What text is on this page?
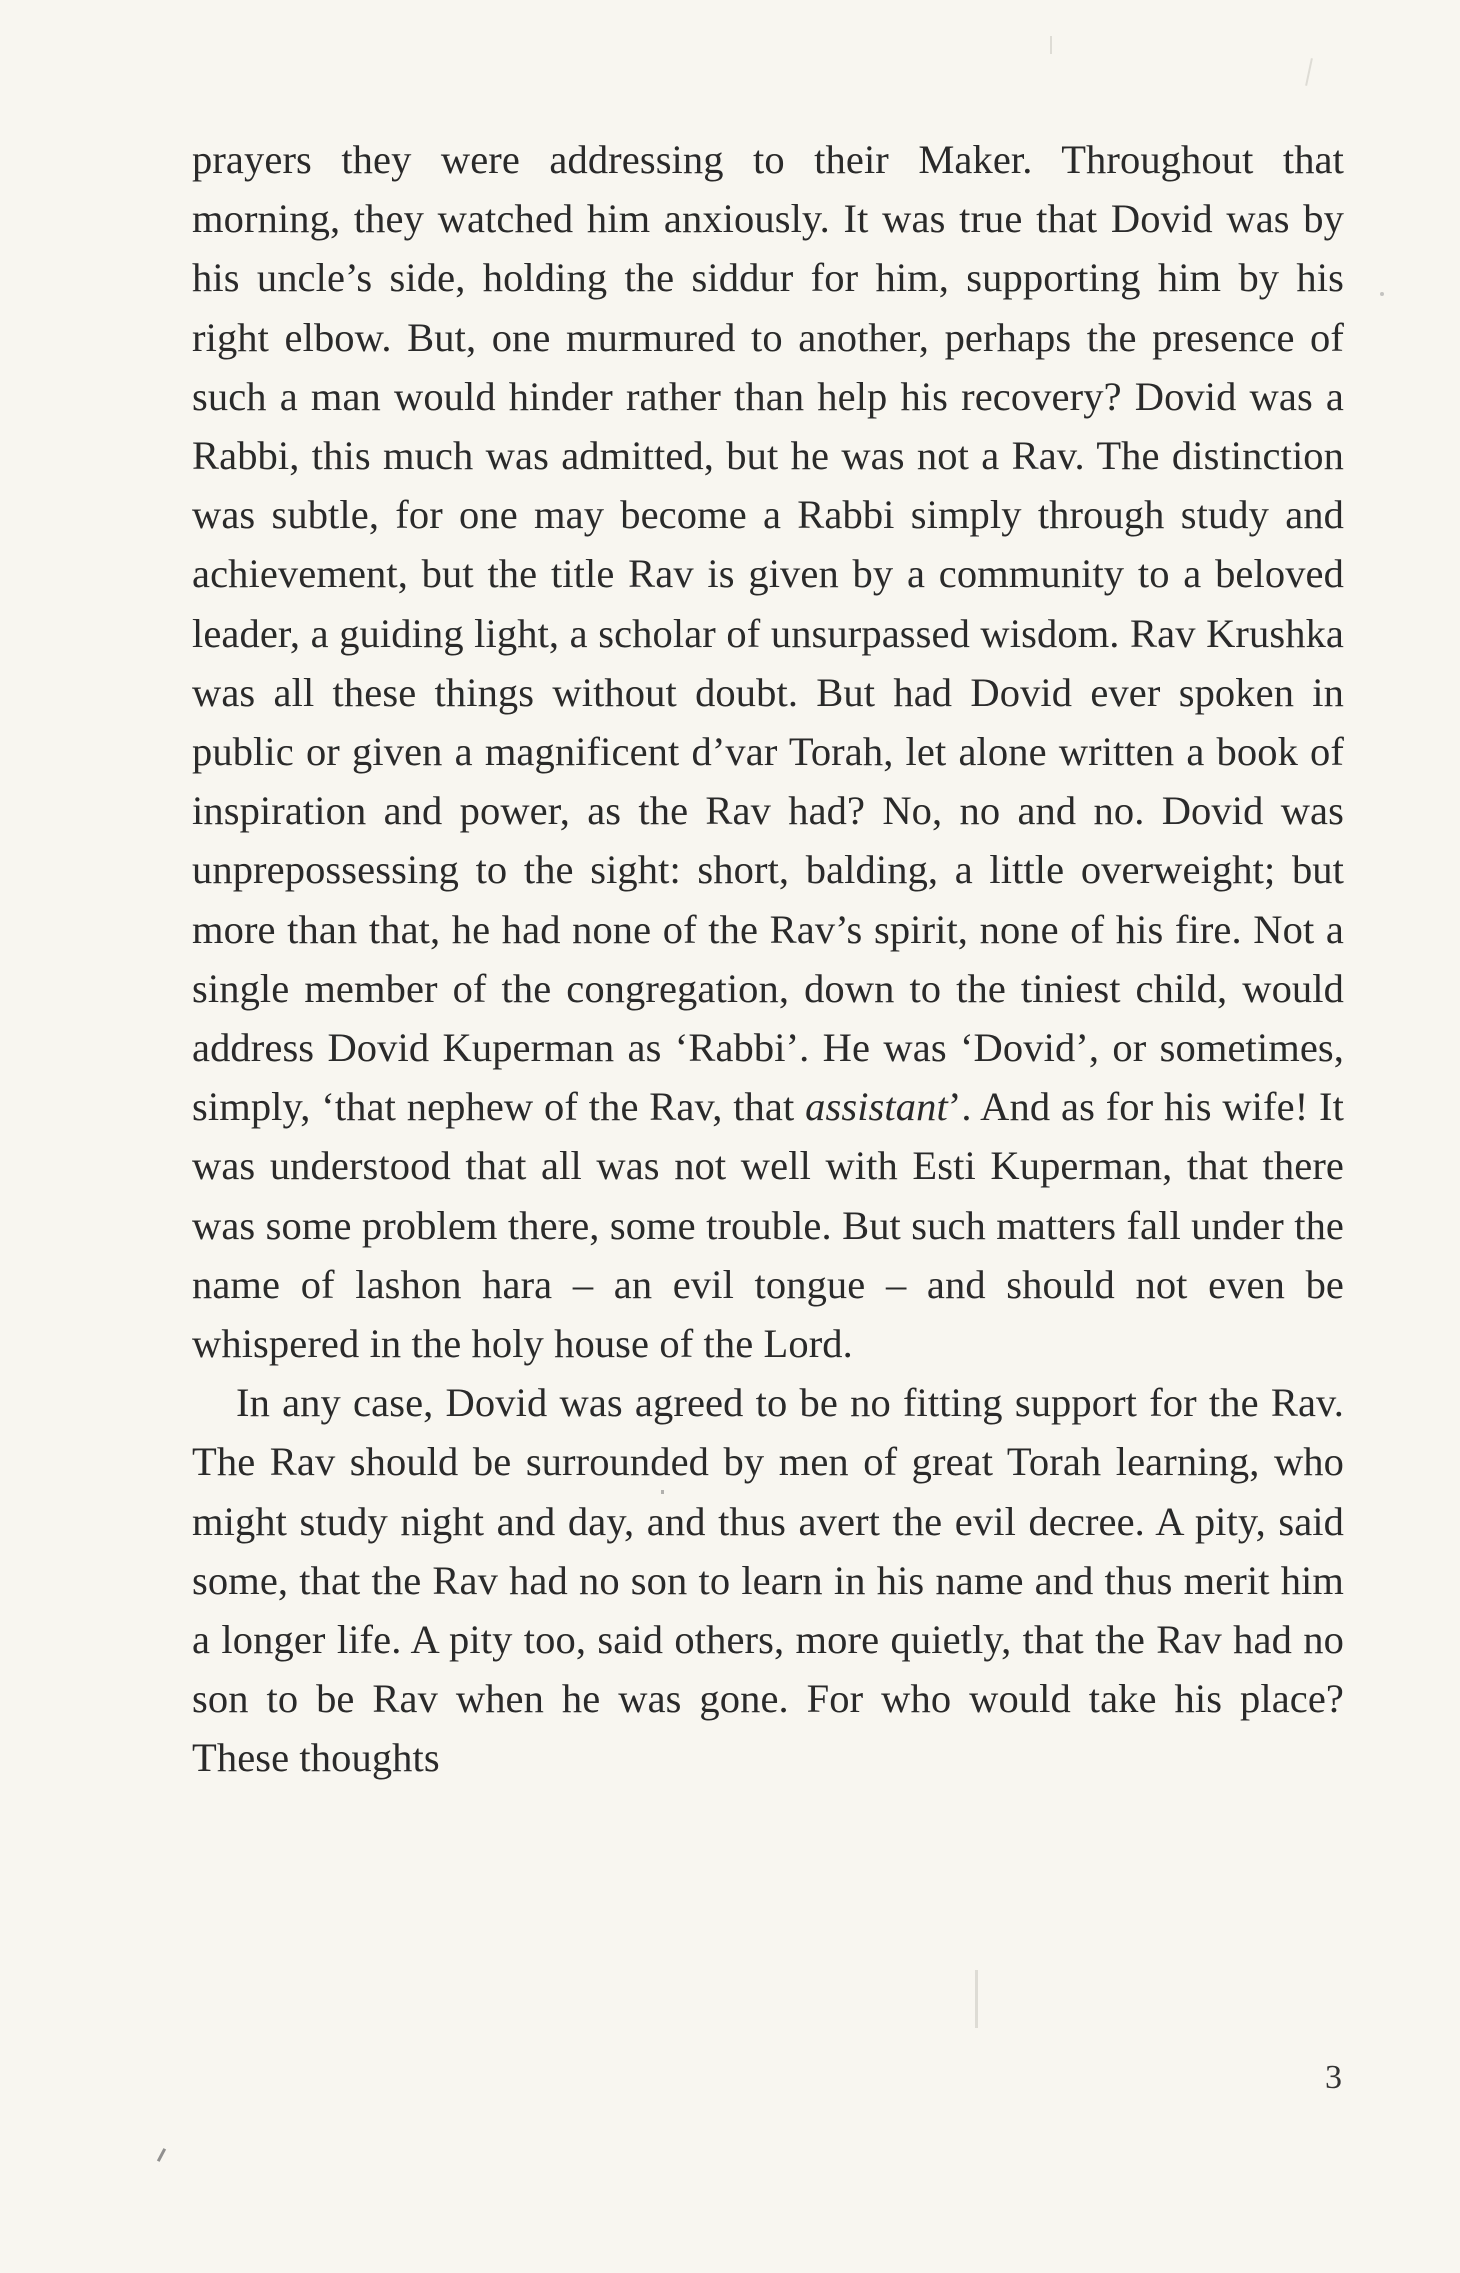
prayers they were addressing to their Maker. Throughout that morning, they watched him anxiously. It was true that Dovid was by his uncle’s side, holding the siddur for him, supporting him by his right elbow. But, one murmured to another, perhaps the presence of such a man would hinder rather than help his recovery? Dovid was a Rabbi, this much was admitted, but he was not a Rav. The distinction was subtle, for one may become a Rabbi simply through study and achievement, but the title Rav is given by a community to a beloved leader, a guiding light, a scholar of unsurpassed wisdom. Rav Krushka was all these things without doubt. But had Dovid ever spoken in public or given a magnificent d’var Torah, let alone written a book of inspiration and power, as the Rav had? No, no and no. Dovid was unprepossessing to the sight: short, balding, a little overweight; but more than that, he had none of the Rav’s spirit, none of his fire. Not a single member of the congregation, down to the tiniest child, would address Dovid Kuperman as ‘Rabbi’. He was ‘Dovid’, or sometimes, simply, ‘that nephew of the Rav, that assistant’. And as for his wife! It was understood that all was not well with Esti Kuperman, that there was some problem there, some trouble. But such matters fall under the name of lashon hara – an evil tongue – and should not even be whispered in the holy house of the Lord.

In any case, Dovid was agreed to be no fitting support for the Rav. The Rav should be surrounded by men of great Torah learning, who might study night and day, and thus avert the evil decree. A pity, said some, that the Rav had no son to learn in his name and thus merit him a longer life. A pity too, said others, more quietly, that the Rav had no son to be Rav when he was gone. For who would take his place? These thoughts

3
